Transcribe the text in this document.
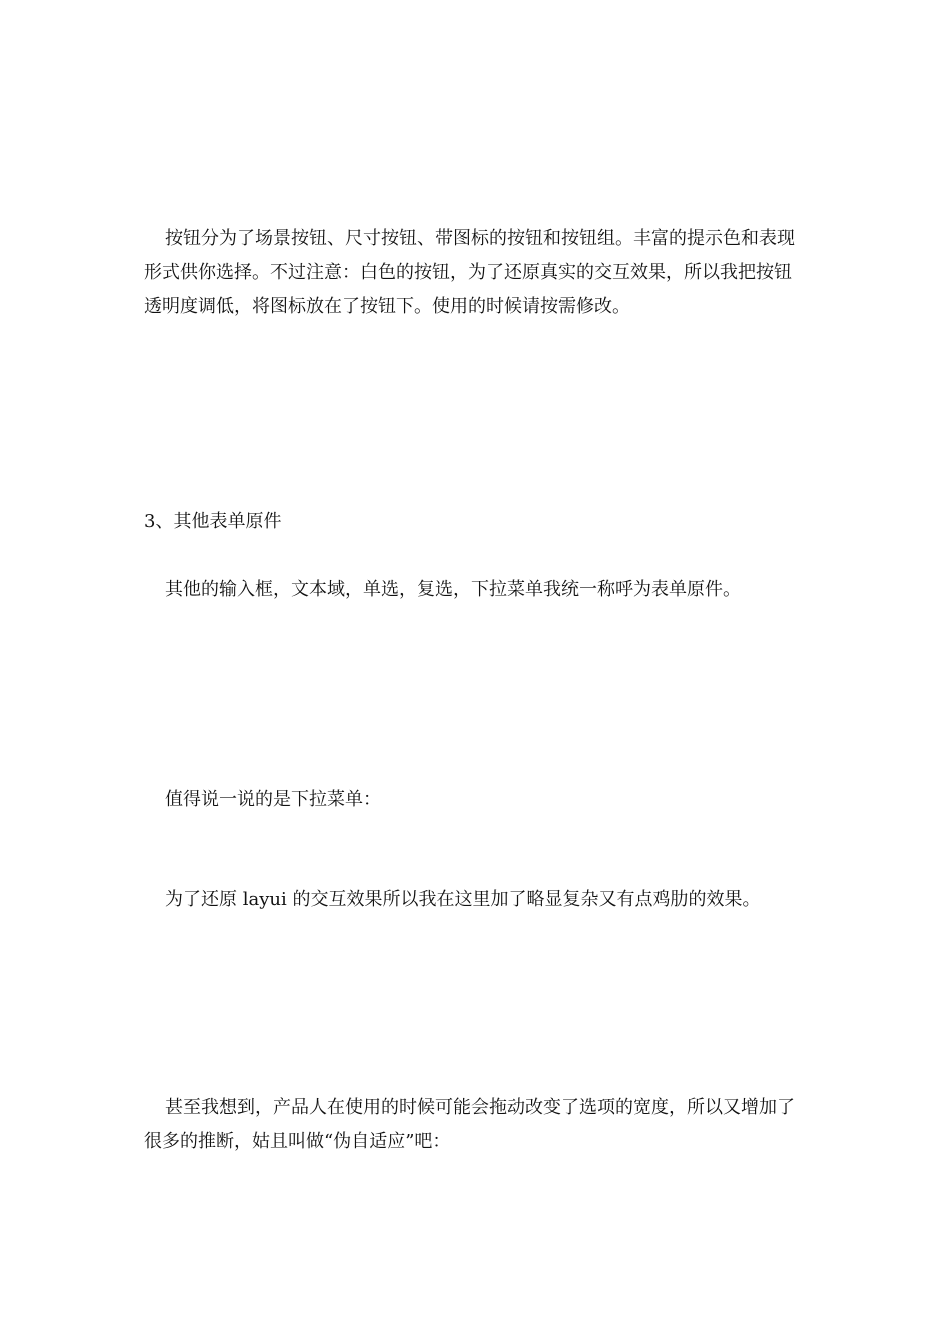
按钮分为了场景按钮、尺寸按钮、带图标的按钮和按钮组。丰富的提示色和表现形式供你选择。不过注意：白色的按钮，为了还原真实的交互效果，所以我把按钮透明度调低，将图标放在了按钮下。使用的时候请按需修改。

3、其他表单原件

其他的输入框，文本域，单选，复选，下拉菜单我统一称呼为表单原件。

值得说一说的是下拉菜单：

为了还原 layui 的交互效果所以我在这里加了略显复杂又有点鸡肋的效果。

甚至我想到，产品人在使用的时候可能会拖动改变了选项的宽度，所以又增加了很多的推断，姑且叫做“伪自适应”吧：
